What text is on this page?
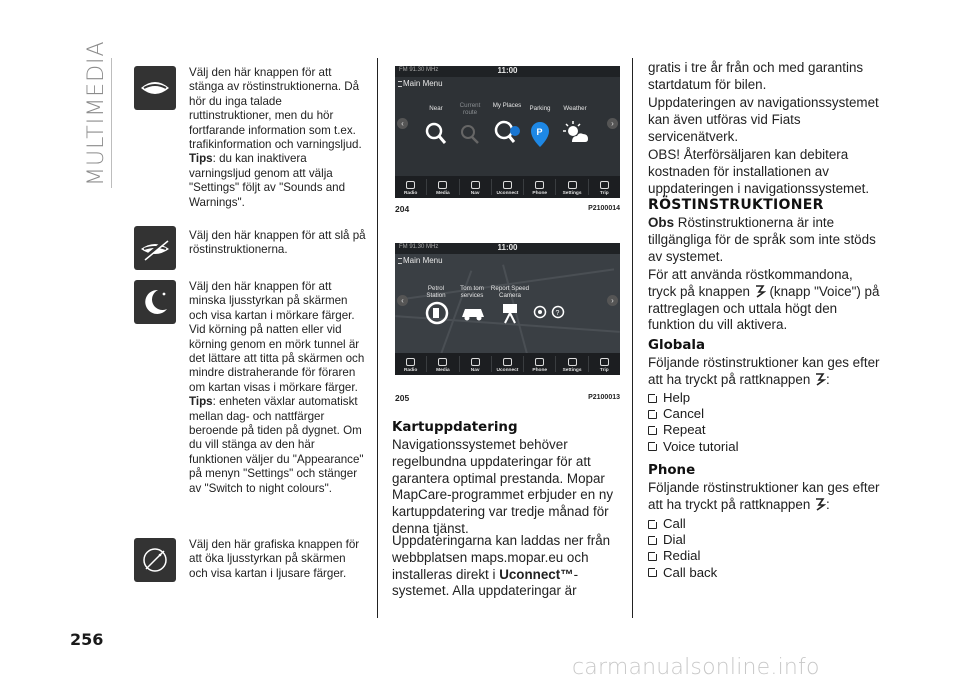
MULTIMEDIA
256
Välj den här knappen för att stänga av röstinstruktionerna. Då hör du inga talade ruttinstruktioner, men du hör fortfarande information som t.ex. trafikinformation och varningsljud. Tips: du kan inaktivera varningsljud genom att välja "Settings" följt av "Sounds and Warnings".
Välj den här knappen för att slå på röstinstruktionerna.
Välj den här knappen för att minska ljusstyrkan på skärmen och visa kartan i mörkare färger. Vid körning på natten eller vid körning genom en mörk tunnel är det lättare att titta på skärmen och mindre distraherande för föraren om kartan visas i mörkare färger. Tips: enheten växlar automatiskt mellan dag- och nattfärger beroende på tiden på dygnet. Om du vill stänga av den här funktionen väljer du "Appearance" på menyn "Settings" och stänger av "Switch to night colours".
Välj den här grafiska knappen för att öka ljusstyrkan på skärmen och visa kartan i ljusare färger.
FM 91.30 MHz	11:00
Main Menu
‹	›
Near	Current route
My Places	Parking	Weather
P
Radio	Media	Nav	Uconnect	Phone	Settings	Trip
204	P2100014
FM 91.30 MHz	11:00
Main Menu
‹	›
Petrol Station
Tom tom services
Report Speed Camera
?
Radio	Media	Nav	Uconnect	Phone	Settings	Trip
205	P2100013
Kartuppdatering
Navigationssystemet behöver regelbundna uppdateringar för att garantera optimal prestanda. Mopar MapCare-programmet erbjuder en ny kartuppdatering var tredje månad för denna tjänst.
Uppdateringarna kan laddas ner från webbplatsen maps.mopar.eu och installeras direkt i Uconnect™-systemet. Alla uppdateringar är
gratis i tre år från och med garantins startdatum för bilen.
Uppdateringen av navigationssystemet kan även utföras vid Fiats servicenätverk.
OBS! Återförsäljaren kan debitera kostnaden för installationen av uppdateringen i navigationssystemet.
RÖSTINSTRUKTIONER
Obs Röstinstruktionerna är inte tillgängliga för de språk som inte stöds av systemet.
För att använda röstkommandona, tryck på knappen (knapp "Voice") på rattreglagen och uttala högt den funktion du vill aktivera.
Globala
Följande röstinstruktioner kan ges efter att ha tryckt på rattknappen :
Help
Cancel
Repeat
Voice tutorial
Phone
Följande röstinstruktioner kan ges efter att ha tryckt på rattknappen :
Call
Dial
Redial
Call back
carmanualsonline.info
